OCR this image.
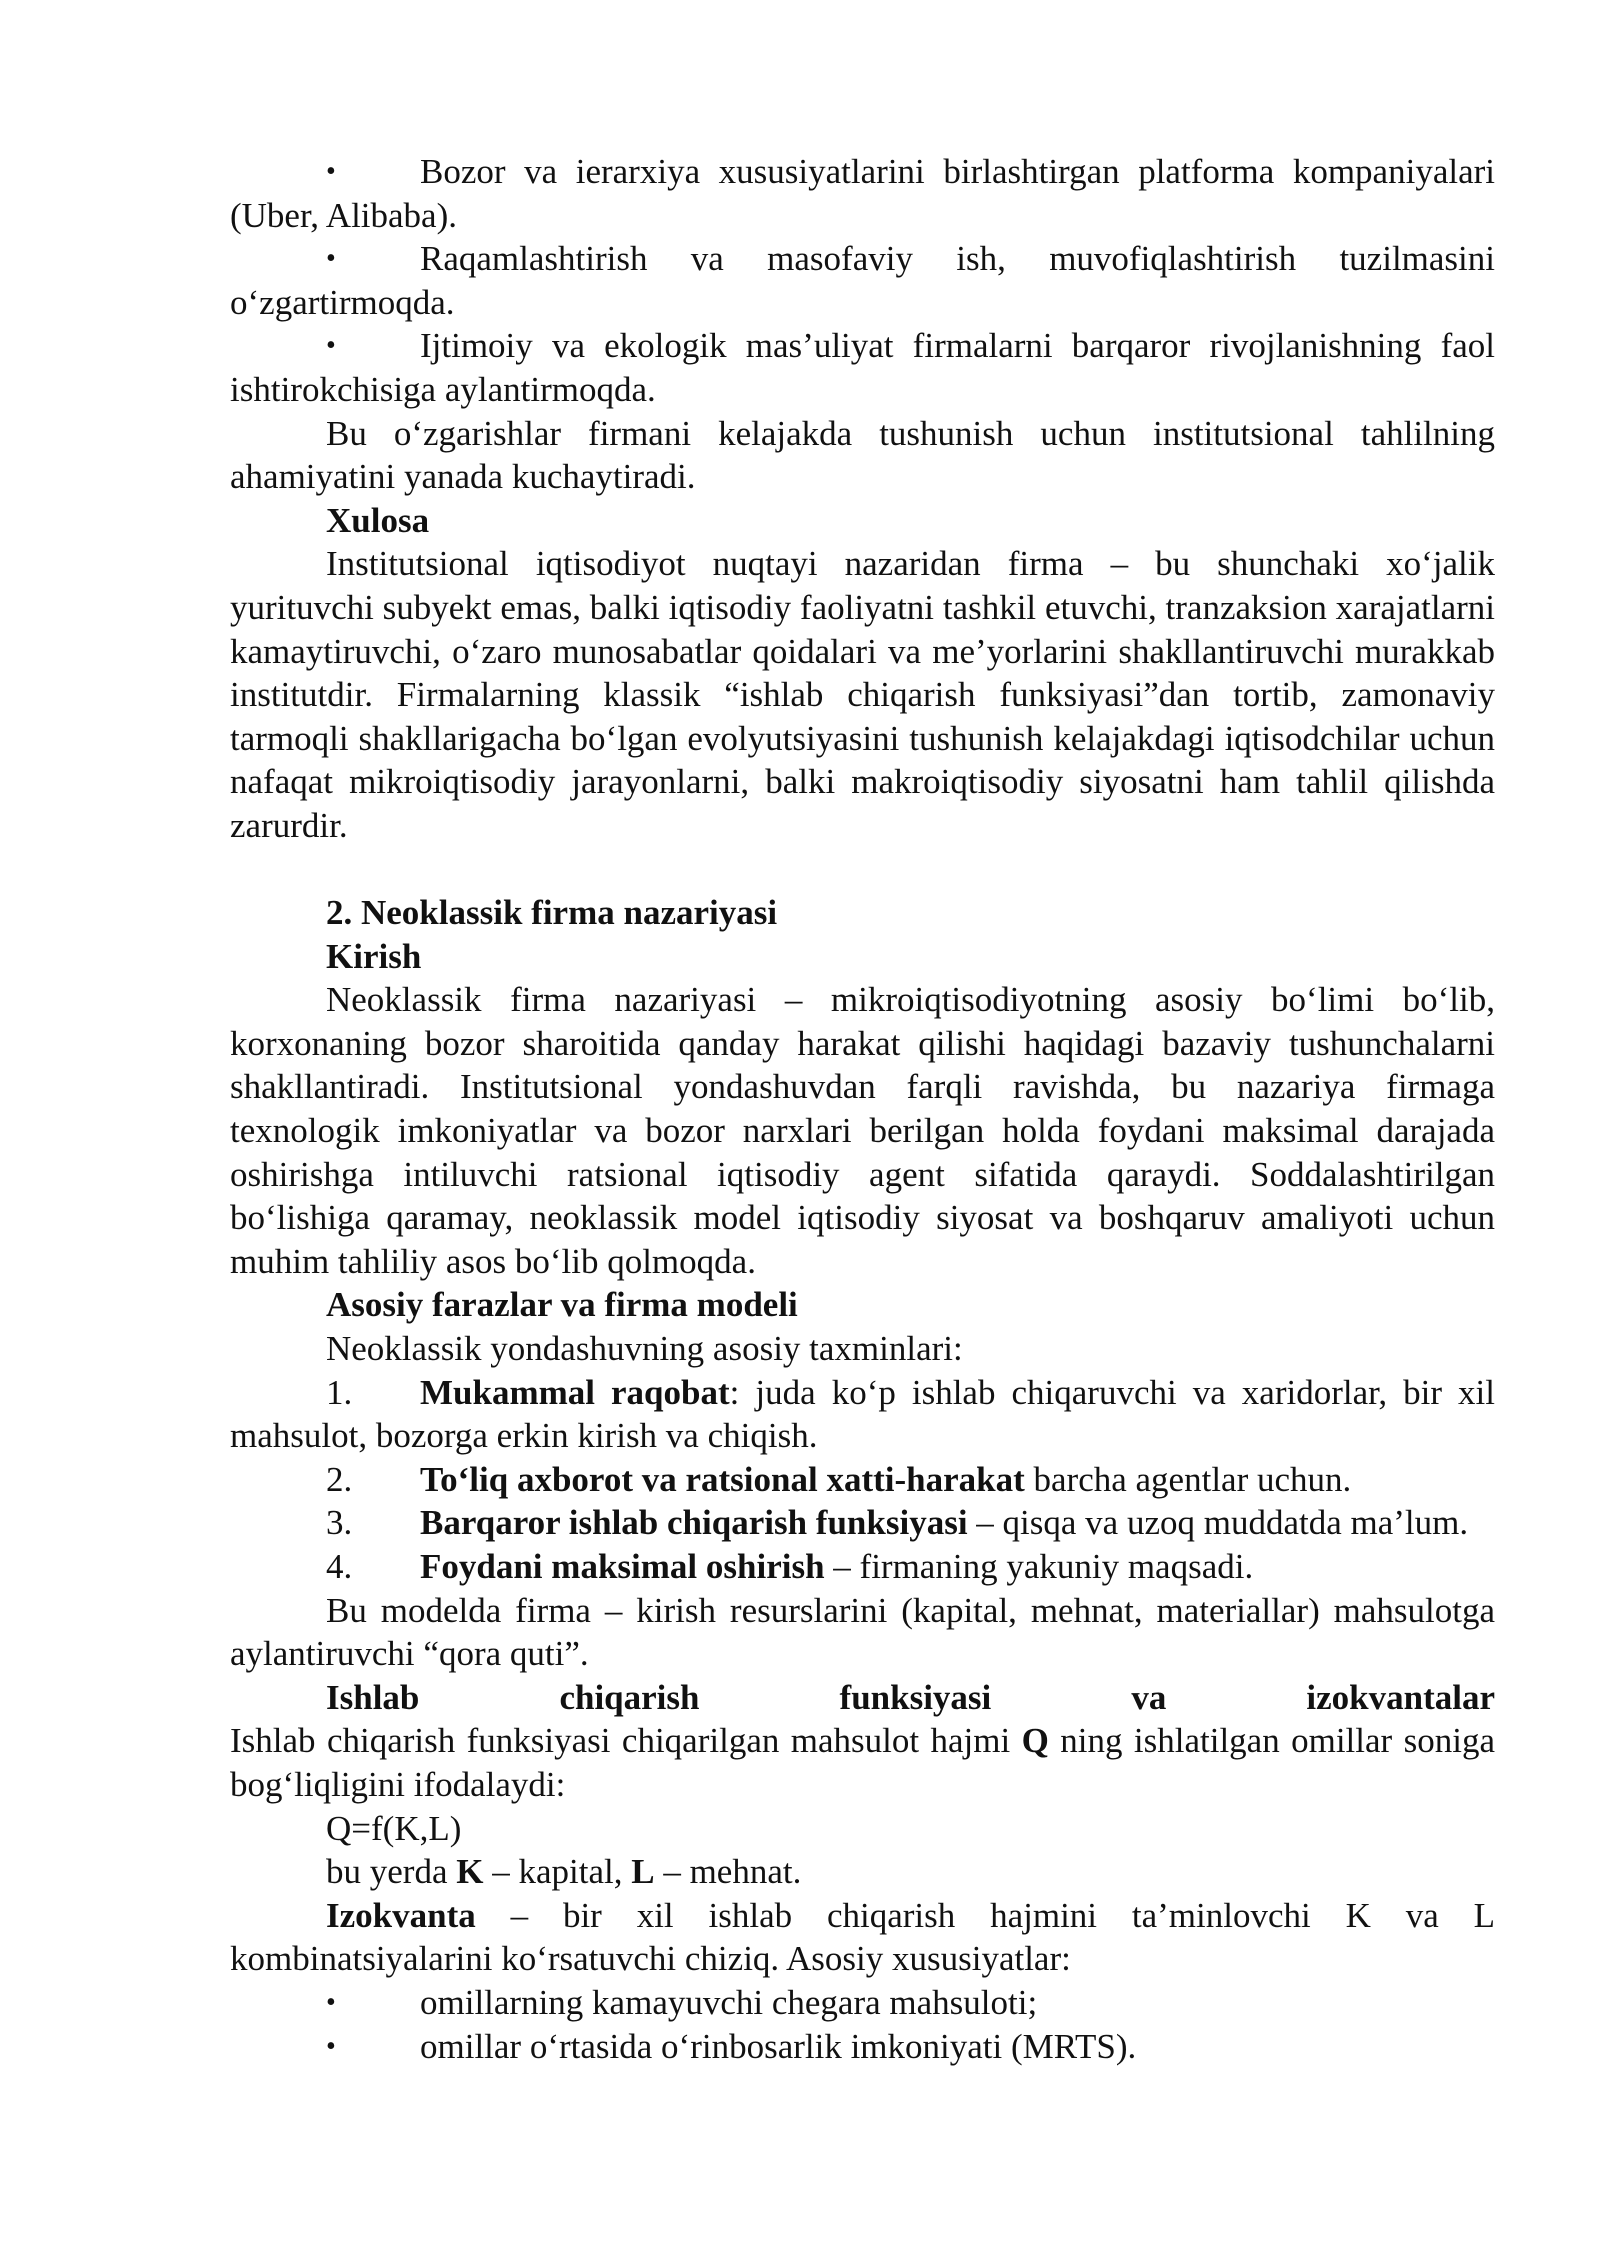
• Bozor va ierarxiya xususiyatlarini birlashtirgan platforma kompaniyalari (Uber, Alibaba).

• Raqamlashtirish va masofaviy ish, muvofiqlashtirish tuzilmasini o‘zgartirmoqda.

• Ijtimoiy va ekologik mas’uliyat firmalarni barqaror rivojlanishning faol ishtirokchisiga aylantirmoqda.

Bu o‘zgarishlar firmani kelajakda tushunish uchun institutsional tahlilning ahamiyatini yanada kuchaytiradi.

Xulosa

Institutsional iqtisodiyot nuqtayi nazaridan firma – bu shunchaki xo‘jalik yurituvchi subyekt emas, balki iqtisodiy faoliyatni tashkil etuvchi, tranzaksion xarajatlarni kamaytiruvchi, o‘zaro munosabatlar qoidalari va me’yorlarini shakllantiruvchi murakkab institutdir. Firmalarning klassik “ishlab chiqarish funksiyasi”dan tortib, zamonaviy tarmoqli shakllarigacha bo‘lgan evolyutsiyasini tushunish kelajakdagi iqtisodchilar uchun nafaqat mikroiqtisodiy jarayonlarni, balki makroiqtisodiy siyosatni ham tahlil qilishda zarurdir.

2. Neoklassik firma nazariyasi

Kirish

Neoklassik firma nazariyasi – mikroiqtisodiyotning asosiy bo‘limi bo‘lib, korxonaning bozor sharoitida qanday harakat qilishi haqidagi bazaviy tushunchalarni shakllantiradi. Institutsional yondashuvdan farqli ravishda, bu nazariya firmaga texnologik imkoniyatlar va bozor narxlari berilgan holda foydani maksimal darajada oshirishga intiluvchi ratsional iqtisodiy agent sifatida qaraydi. Soddalashtirilgan bo‘lishiga qaramay, neoklassik model iqtisodiy siyosat va boshqaruv amaliyoti uchun muhim tahliliy asos bo‘lib qolmoqda.

Asosiy farazlar va firma modeli

Neoklassik yondashuvning asosiy taxminlari:

1. Mukammal raqobat: juda ko‘p ishlab chiqaruvchi va xaridorlar, bir xil mahsulot, bozorga erkin kirish va chiqish.

2. To‘liq axborot va ratsional xatti-harakat barcha agentlar uchun.

3. Barqaror ishlab chiqarish funksiyasi – qisqa va uzoq muddatda ma’lum.

4. Foydani maksimal oshirish – firmaning yakuniy maqsadi.

Bu modelda firma – kirish resurslarini (kapital, mehnat, materiallar) mahsulotga aylantiruvchi “qora quti”.

Ishlab chiqarish funksiyasi va izokvantalar

Ishlab chiqarish funksiyasi chiqarilgan mahsulot hajmi Q ning ishlatilgan omillar soniga bog‘liqligini ifodalaydi:

Q=f(K,L)

bu yerda K – kapital, L – mehnat.

Izokvanta – bir xil ishlab chiqarish hajmini ta’minlovchi K va L kombinatsiyalarini ko‘rsatuvchi chiziq. Asosiy xususiyatlar:

• omillarning kamayuvchi chegara mahsuloti;

• omillar o‘rtasida o‘rinbosarlik imkoniyati (MRTS).
